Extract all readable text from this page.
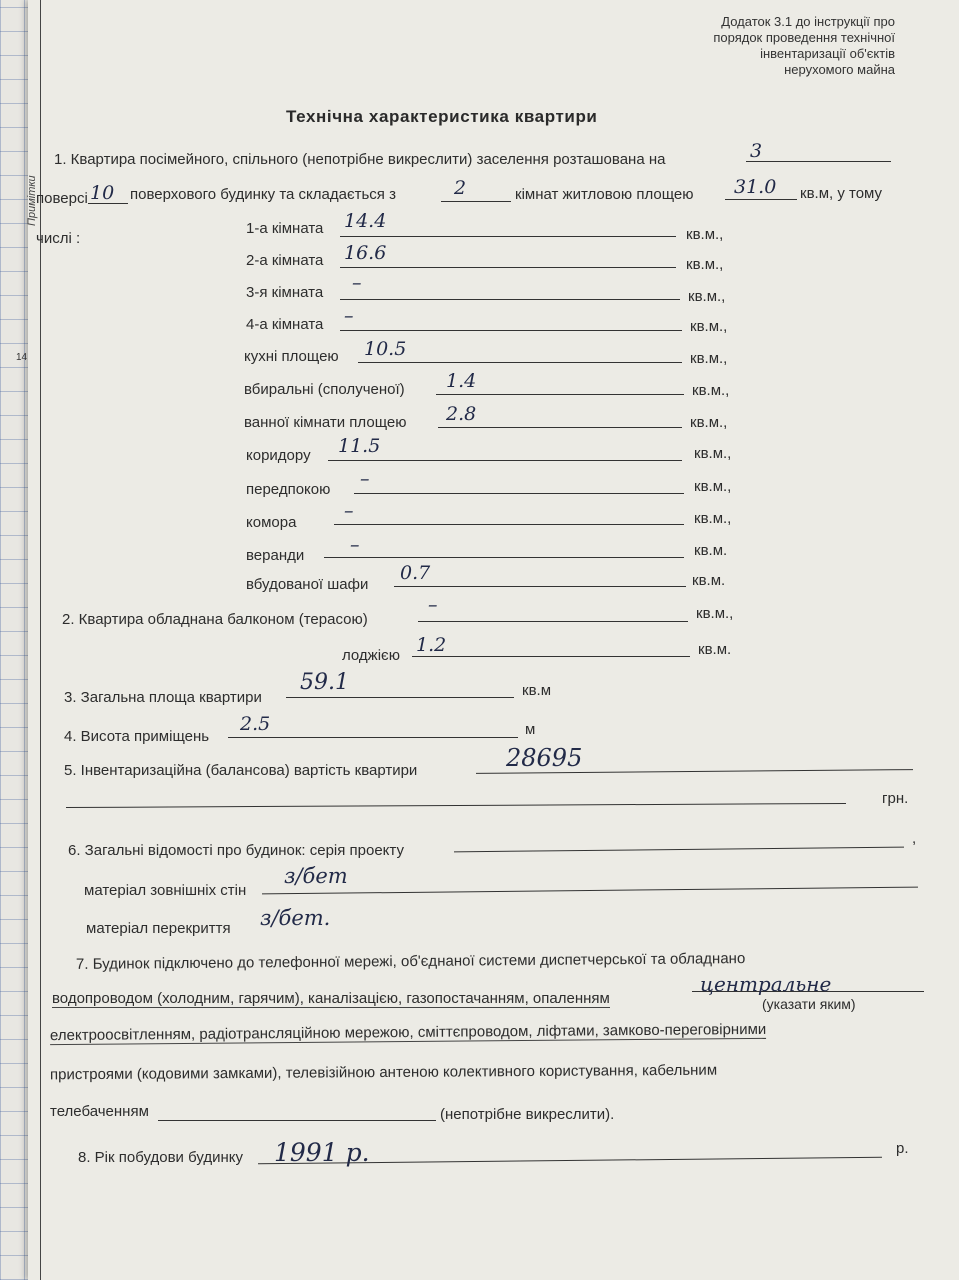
Примітки
14
Додаток 3.1 до інструкції про
порядок проведення технічної
інвентаризації об'єктів
нерухомого майна
Технічна характеристика квартири
1. Квартира посімейного, спільного (непотрібне викреслити) заселення розташована на	3
поверсі 10 поверхового будинку та складається з	2	кімнат житловою площею 31.0 кв.м, у тому
числі :
1-а кімната 14.4
кв.м.,
2-а кімната 16.6
кв.м.,
3-я кімната –
кв.м.,
4-а кімната –	кв.м.,
кухні площею 10.5	кв.м.,
вбиральні (сполученої) 1.4	кв.м.,
ванної кімнати площею 2.8	кв.м.,
коридору 11.5	кв.м.,
передпокою –	кв.м.,
комора
–	кв.м.,
веранди –	кв.м.
вбудованої шафи
0.7	кв.м.
2. Квартира обладнана балконом (терасою)
–	кв.м.,
лоджією 1.2	кв.м.
3. Загальна площа квартири
59.1	кв.м
4. Висота приміщень
2.5	м
5. Інвентаризаційна (балансова) вартість квартири	28695
грн.
6. Загальні відомості про будинок: серія проекту
,
матеріал зовнішніх стін
з/бет
матеріал перекриття з/бет.
7. Будинок підключено до телефонної мережі, об'єднаної системи диспетчерської та обладнано
водопроводом (холодним, гарячим), каналізацією, газопостачанням, опаленням
центральне
(указати яким)
електроосвітленням, радіотрансляційною мережою, сміттєпроводом, ліфтами, замково-переговірними
пристроями (кодовими замками), телевізійною антеною колективного користування, кабельним
телебаченням	(непотрібне викреслити).
8. Рік побудови будинку 1991 р.	р.
